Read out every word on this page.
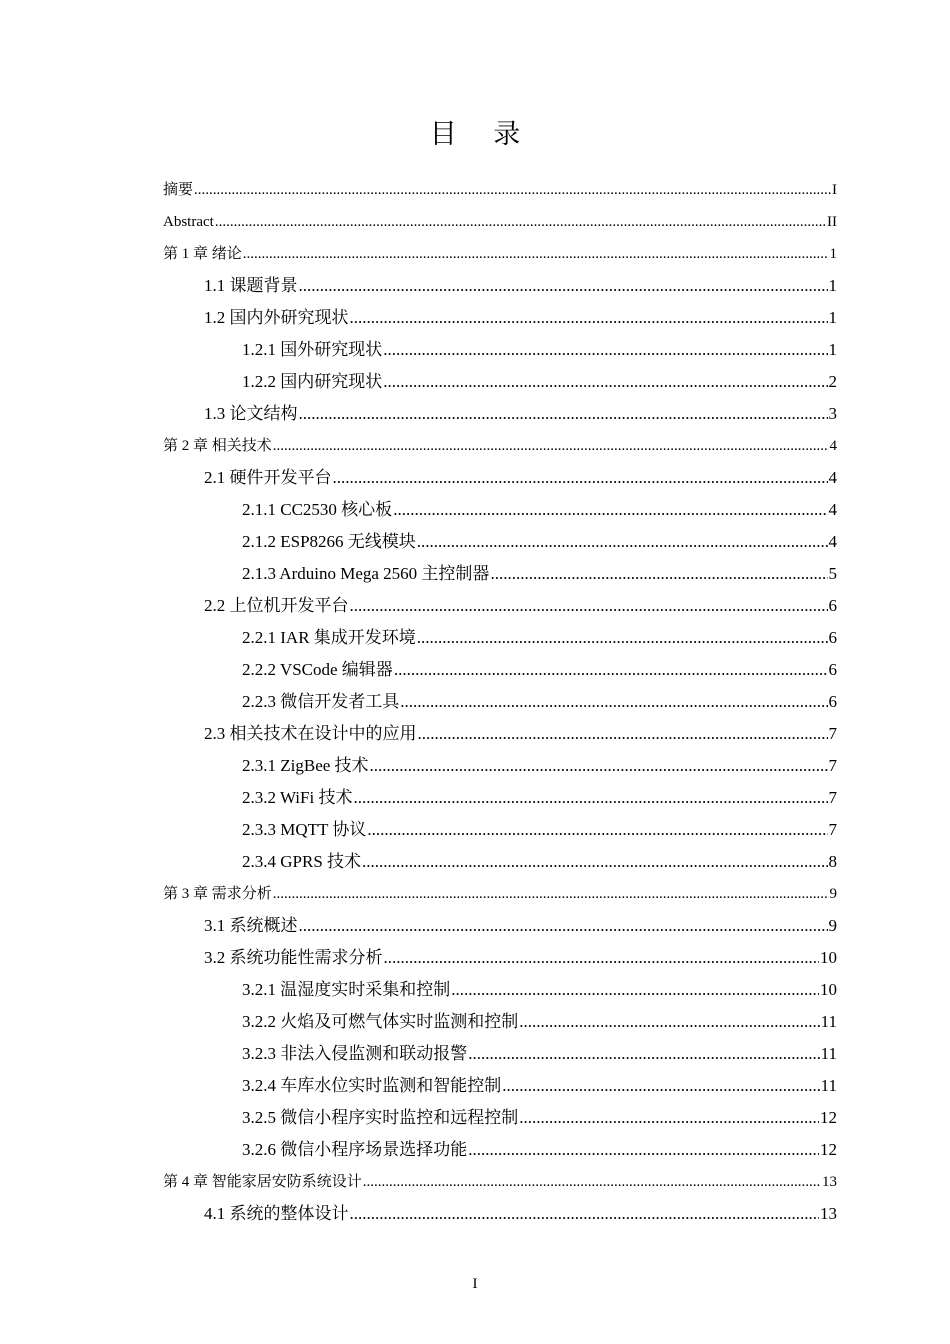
目 录
摘要 .....	I
Abstract .....	II
第 1 章 绪论 .....	1
1.1 课题背景 .....	1
1.2 国内外研究现状 .....	1
1.2.1 国外研究现状 .....	1
1.2.2 国内研究现状 .....	2
1.3 论文结构 .....	3
第 2 章 相关技术 .....	4
2.1 硬件开发平台 .....	4
2.1.1 CC2530 核心板 .....	4
2.1.2 ESP8266 无线模块 .....	4
2.1.3 Arduino Mega 2560 主控制器 .....	5
2.2 上位机开发平台 .....	6
2.2.1 IAR 集成开发环境 .....	6
2.2.2 VSCode 编辑器 .....	6
2.2.3 微信开发者工具 .....	6
2.3 相关技术在设计中的应用 .....	7
2.3.1 ZigBee 技术 .....	7
2.3.2 WiFi 技术 .....	7
2.3.3 MQTT 协议 .....	7
2.3.4 GPRS 技术 .....	8
第 3 章 需求分析 .....	9
3.1 系统概述 .....	9
3.2 系统功能性需求分析 .....	10
3.2.1 温湿度实时采集和控制 .....	10
3.2.2 火焰及可燃气体实时监测和控制 .....	11
3.2.3 非法入侵监测和联动报警 .....	11
3.2.4 车库水位实时监测和智能控制 .....	11
3.2.5 微信小程序实时监控和远程控制 .....	12
3.2.6 微信小程序场景选择功能 .....	12
第 4 章 智能家居安防系统设计 .....	13
4.1 系统的整体设计 .....	13
I
